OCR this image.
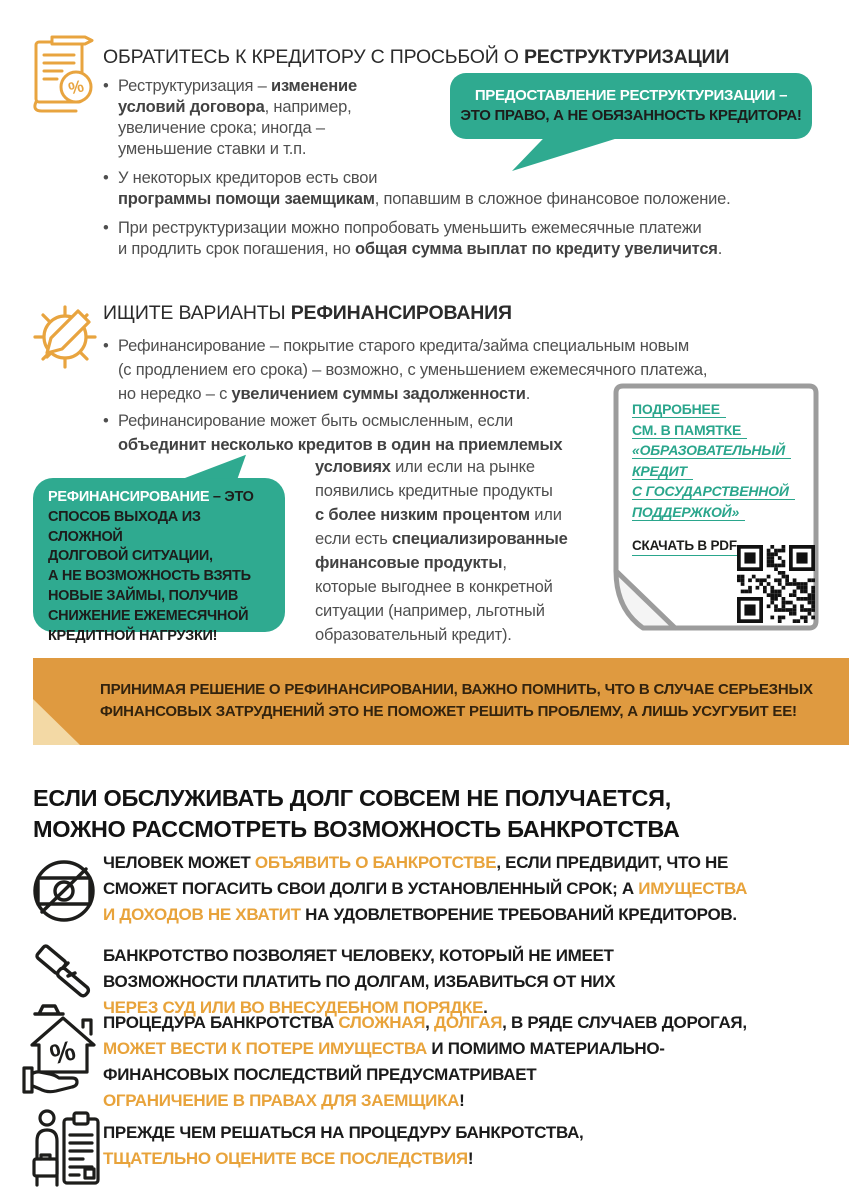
%
ОБРАТИТЕСЬ К КРЕДИТОРУ С ПРОСЬБОЙ О РЕСТРУКТУРИЗАЦИИ
• Реструктуризация – изменение
условий договора, например,
увеличение срока; иногда –
уменьшение ставки и т.п.
• У некоторых кредиторов есть свои
программы помощи заемщикам, попавшим в сложное финансовое положение.
• При реструктуризации можно попробовать уменьшить ежемесячные платежи
и продлить срок погашения, но общая сумма выплат по кредиту увеличится.
ПРЕДОСТАВЛЕНИЕ РЕСТРУКТУРИЗАЦИИ –
ЭТО ПРАВО, А НЕ ОБЯЗАННОСТЬ КРЕДИТОРА!
ИЩИТЕ ВАРИАНТЫ РЕФИНАНСИРОВАНИЯ
• Рефинансирование – покрытие старого кредита/займа специальным новым
(с продлением его срока) – возможно, с уменьшением ежемесячного платежа,
но нередко – с увеличением суммы задолженности.
• Рефинансирование может быть осмысленным, если
объединит несколько кредитов в один на приемлемых
условиях или если на рынке
появились кредитные продукты
с более низким процентом или
если есть специализированные
финансовые продукты,
которые выгоднее в конкретной
ситуации (например, льготный
образовательный кредит).
РЕФИНАНСИРОВАНИЕ – ЭТО
СПОСОБ ВЫХОДА ИЗ СЛОЖНОЙ
ДОЛГОВОЙ СИТУАЦИИ,
А НЕ ВОЗМОЖНОСТЬ ВЗЯТЬ
НОВЫЕ ЗАЙМЫ, ПОЛУЧИВ
СНИЖЕНИЕ ЕЖЕМЕСЯЧНОЙ
КРЕДИТНОЙ НАГРУЗКИ!
ПОДРОБНЕЕ
СМ. В ПАМЯТКЕ
«ОБРАЗОВАТЕЛЬНЫЙ
КРЕДИТ
С ГОСУДАРСТВЕННОЙ
ПОДДЕРЖКОЙ»
СКАЧАТЬ В PDF
ПРИНИМАЯ РЕШЕНИЕ О РЕФИНАНСИРОВАНИИ, ВАЖНО ПОМНИТЬ, ЧТО В СЛУЧАЕ СЕРЬЕЗНЫХ
ФИНАНСОВЫХ ЗАТРУДНЕНИЙ ЭТО НЕ ПОМОЖЕТ РЕШИТЬ ПРОБЛЕМУ, А ЛИШЬ УСУГУБИТ ЕЕ!
ЕСЛИ ОБСЛУЖИВАТЬ ДОЛГ СОВСЕМ НЕ ПОЛУЧАЕТСЯ,
МОЖНО РАССМОТРЕТЬ ВОЗМОЖНОСТЬ БАНКРОТСТВА
ЧЕЛОВЕК МОЖЕТ ОБЪЯВИТЬ О БАНКРОТСТВЕ, ЕСЛИ ПРЕДВИДИТ, ЧТО НЕ
СМОЖЕТ ПОГАСИТЬ СВОИ ДОЛГИ В УСТАНОВЛЕННЫЙ СРОК; А ИМУЩЕСТВА
И ДОХОДОВ НЕ ХВАТИТ НА УДОВЛЕТВОРЕНИЕ ТРЕБОВАНИЙ КРЕДИТОРОВ.
БАНКРОТСТВО ПОЗВОЛЯЕТ ЧЕЛОВЕКУ, КОТОРЫЙ НЕ ИМЕЕТ
ВОЗМОЖНОСТИ ПЛАТИТЬ ПО ДОЛГАМ, ИЗБАВИТЬСЯ ОТ НИХ
ЧЕРЕЗ СУД ИЛИ ВО ВНЕСУДЕБНОМ ПОРЯДКЕ.
%
ПРОЦЕДУРА БАНКРОТСТВА СЛОЖНАЯ, ДОЛГАЯ, В РЯДЕ СЛУЧАЕВ ДОРОГАЯ,
МОЖЕТ ВЕСТИ К ПОТЕРЕ ИМУЩЕСТВА И ПОМИМО МАТЕРИАЛЬНО-
ФИНАНСОВЫХ ПОСЛЕДСТВИЙ ПРЕДУСМАТРИВАЕТ
ОГРАНИЧЕНИЕ В ПРАВАХ ДЛЯ ЗАЕМЩИКА!
ПРЕЖДЕ ЧЕМ РЕШАТЬСЯ НА ПРОЦЕДУРУ БАНКРОТСТВА,
ТЩАТЕЛЬНО ОЦЕНИТЕ ВСЕ ПОСЛЕДСТВИЯ!
